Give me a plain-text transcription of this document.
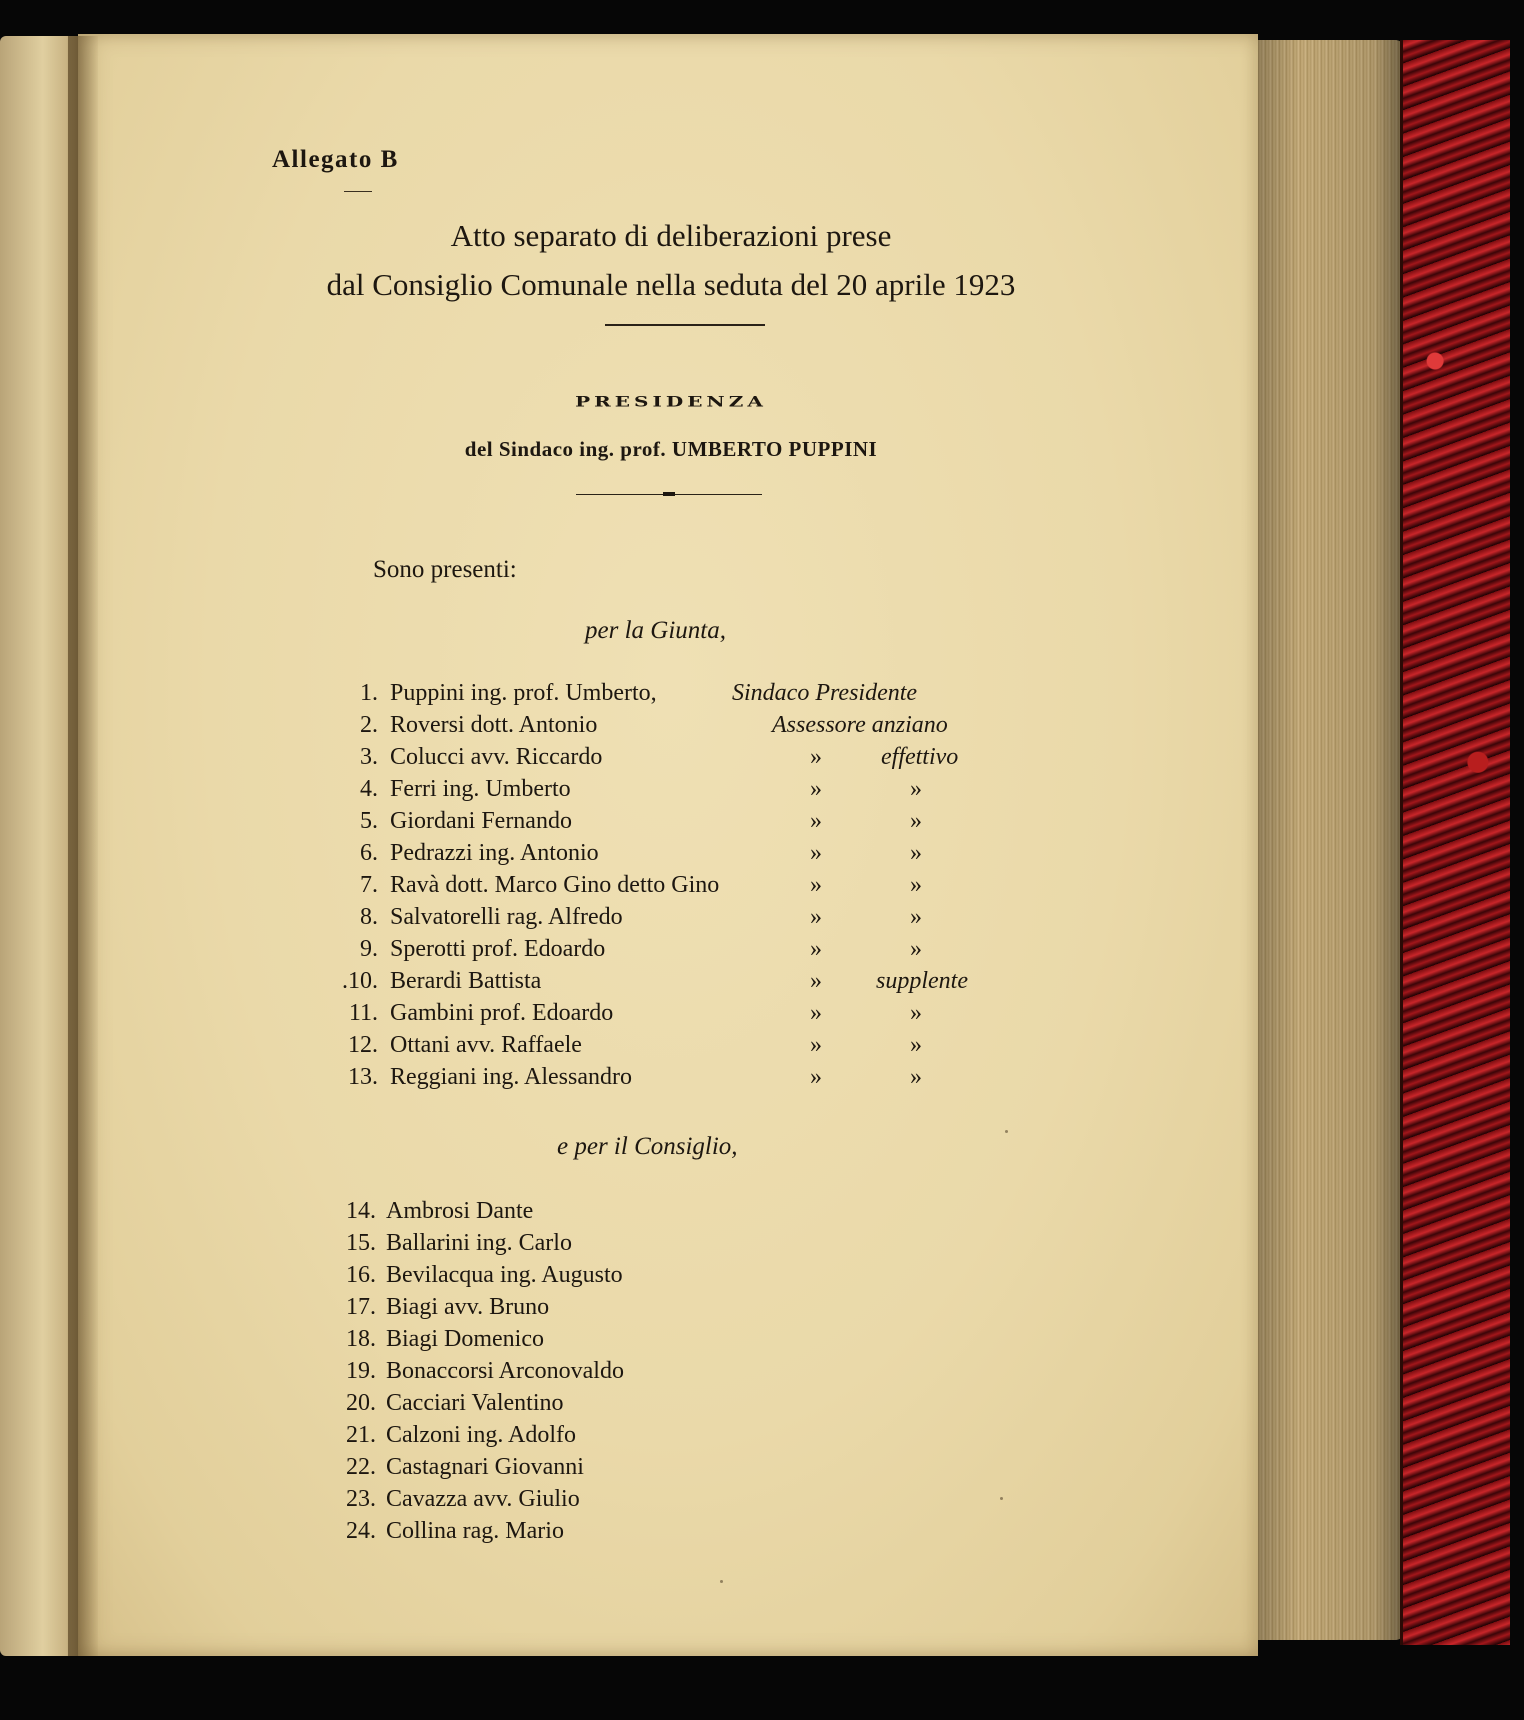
Allegato B
Atto separato di deliberazioni prese
dal Consiglio Comunale nella seduta del 20 aprile 1923
PRESIDENZA
del Sindaco ing. prof. UMBERTO PUPPINI
Sono presenti:
per la Giunta,
1. Puppini ing. prof. Umberto,	Sindaco Presidente
2. Roversi dott. Antonio	Assessore anziano
3. Colucci avv. Riccardo	» effettivo
4. Ferri ing. Umberto	»	»
5. Giordani Fernando	»	»
6. Pedrazzi ing. Antonio	»	»
7. Ravà dott. Marco Gino detto Gino	»	»
8. Salvatorelli rag. Alfredo	»	»
9. Sperotti prof. Edoardo	»	»
.10. Berardi Battista	» supplente
11. Gambini prof. Edoardo	»	»
12. Ottani avv. Raffaele	»	»
13. Reggiani ing. Alessandro	»	»
e per il Consiglio,
14. Ambrosi Dante
15. Ballarini ing. Carlo
16. Bevilacqua ing. Augusto
17. Biagi avv. Bruno
18. Biagi Domenico
19. Bonaccorsi Arconovaldo
20. Cacciari Valentino
21. Calzoni ing. Adolfo
22. Castagnari Giovanni
23. Cavazza avv. Giulio
24. Collina rag. Mario
